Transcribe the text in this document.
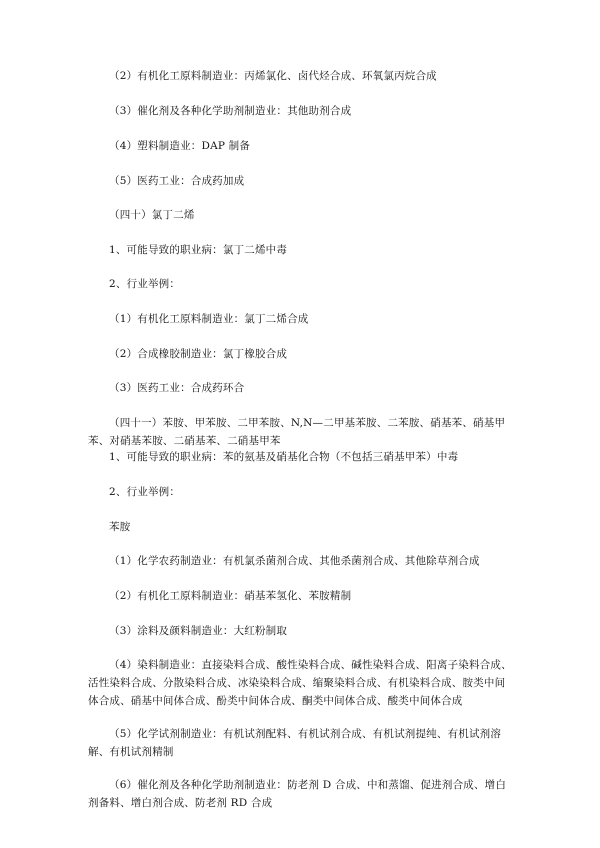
（2）有机化工原料制造业：丙烯氯化、卤代烃合成、环氧氯丙烷合成
（3）催化剂及各种化学助剂制造业：其他助剂合成
（4）塑料制造业：DAP 制备
（5）医药工业：合成药加成
（四十）氯丁二烯
1、可能导致的职业病：氯丁二烯中毒
2、行业举例：
（1）有机化工原料制造业：氯丁二烯合成
（2）合成橡胶制造业：氯丁橡胶合成
（3）医药工业：合成药环合
（四十一）苯胺、甲苯胺、二甲苯胺、N,N—二甲基苯胺、二苯胺、硝基苯、硝基甲苯、对硝基苯胺、二硝基苯、二硝基甲苯
1、可能导致的职业病：苯的氨基及硝基化合物（不包括三硝基甲苯）中毒
2、行业举例：
苯胺
（1）化学农药制造业：有机氯杀菌剂合成、其他杀菌剂合成、其他除草剂合成
（2）有机化工原料制造业：硝基苯氢化、苯胺精制
（3）涂料及颜料制造业：大红粉制取
（4）染料制造业：直接染料合成、酸性染料合成、碱性染料合成、阳离子染料合成、活性染料合成、分散染料合成、冰染染料合成、缩聚染料合成、有机染料合成、胺类中间体合成、硝基中间体合成、酚类中间体合成、酮类中间体合成、酸类中间体合成
（5）化学试剂制造业：有机试剂配料、有机试剂合成、有机试剂提纯、有机试剂溶解、有机试剂精制
（6）催化剂及各种化学助剂制造业：防老剂 D 合成、中和蒸馏、促进剂合成、增白剂备料、增白剂合成、防老剂 RD 合成
